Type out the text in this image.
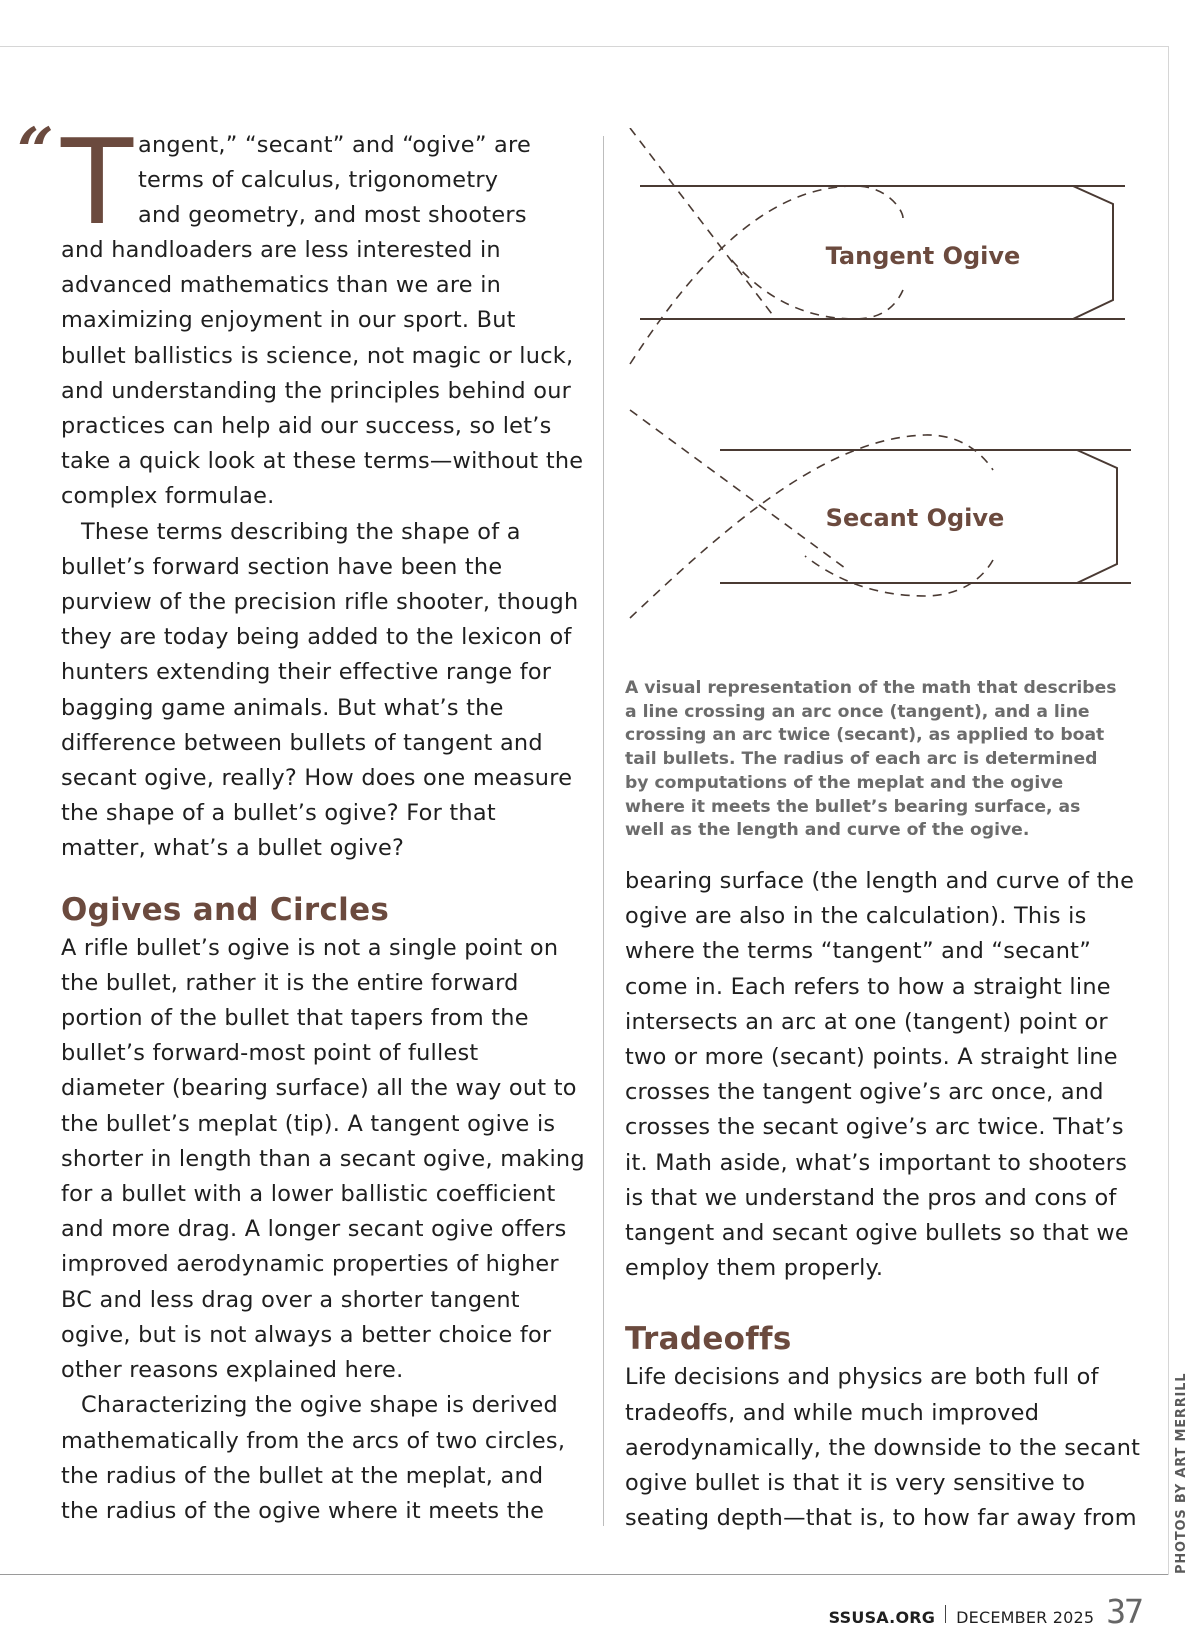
“ T angent,” “secant” and “ogive” are
terms of calculus, trigonometry
and geometry, and most shooters

and handloaders are less interested in advanced mathematics than we are in maximizing enjoyment in our sport. But bullet ballistics is science, not magic or luck, and understanding the principles behind our practices can help aid our success, so let’s take a quick look at these terms—without the complex formulae.

These terms describing the shape of a bullet’s forward section have been the purview of the precision rifle shooter, though they are today being added to the lexicon of hunters extending their effective range for bagging game animals. But what’s the difference between bullets of tangent and secant ogive, really? How does one measure the shape of a bullet’s ogive? For that matter, what’s a bullet ogive?

Ogives and Circles

A rifle bullet’s ogive is not a single point on the bullet, rather it is the entire forward portion of the bullet that tapers from the bullet’s forward-most point of fullest diameter (bearing surface) all the way out to the bullet’s meplat (tip). A tangent ogive is shorter in length than a secant ogive, making for a bullet with a lower ballistic coefficient and more drag. A longer secant ogive offers improved aerodynamic properties of higher BC and less drag over a shorter tangent ogive, but is not always a better choice for other reasons explained here.

Characterizing the ogive shape is derived mathematically from the arcs of two circles, the radius of the bullet at the meplat, and the radius of the ogive where it meets the

Tangent Ogive
Secant Ogive

A visual representation of the math that describes a line crossing an arc once (tangent), and a line crossing an arc twice (secant), as applied to boat tail bullets. The radius of each arc is determined by computations of the meplat and the ogive where it meets the bullet’s bearing surface, as well as the length and curve of the ogive.

bearing surface (the length and curve of the ogive are also in the calculation). This is where the terms “tangent” and “secant” come in. Each refers to how a straight line intersects an arc at one (tangent) point or two or more (secant) points. A straight line crosses the tangent ogive’s arc once, and crosses the secant ogive’s arc twice. That’s it. Math aside, what’s important to shooters is that we understand the pros and cons of tangent and secant ogive bullets so that we employ them properly.

Tradeoffs

Life decisions and physics are both full of tradeoffs, and while much improved aerodynamically, the downside to the secant ogive bullet is that it is very sensitive to seating depth—that is, to how far away from	PHOTOS BY ART MERRILL
SSUSA.ORG DECEMBER 2025 37
